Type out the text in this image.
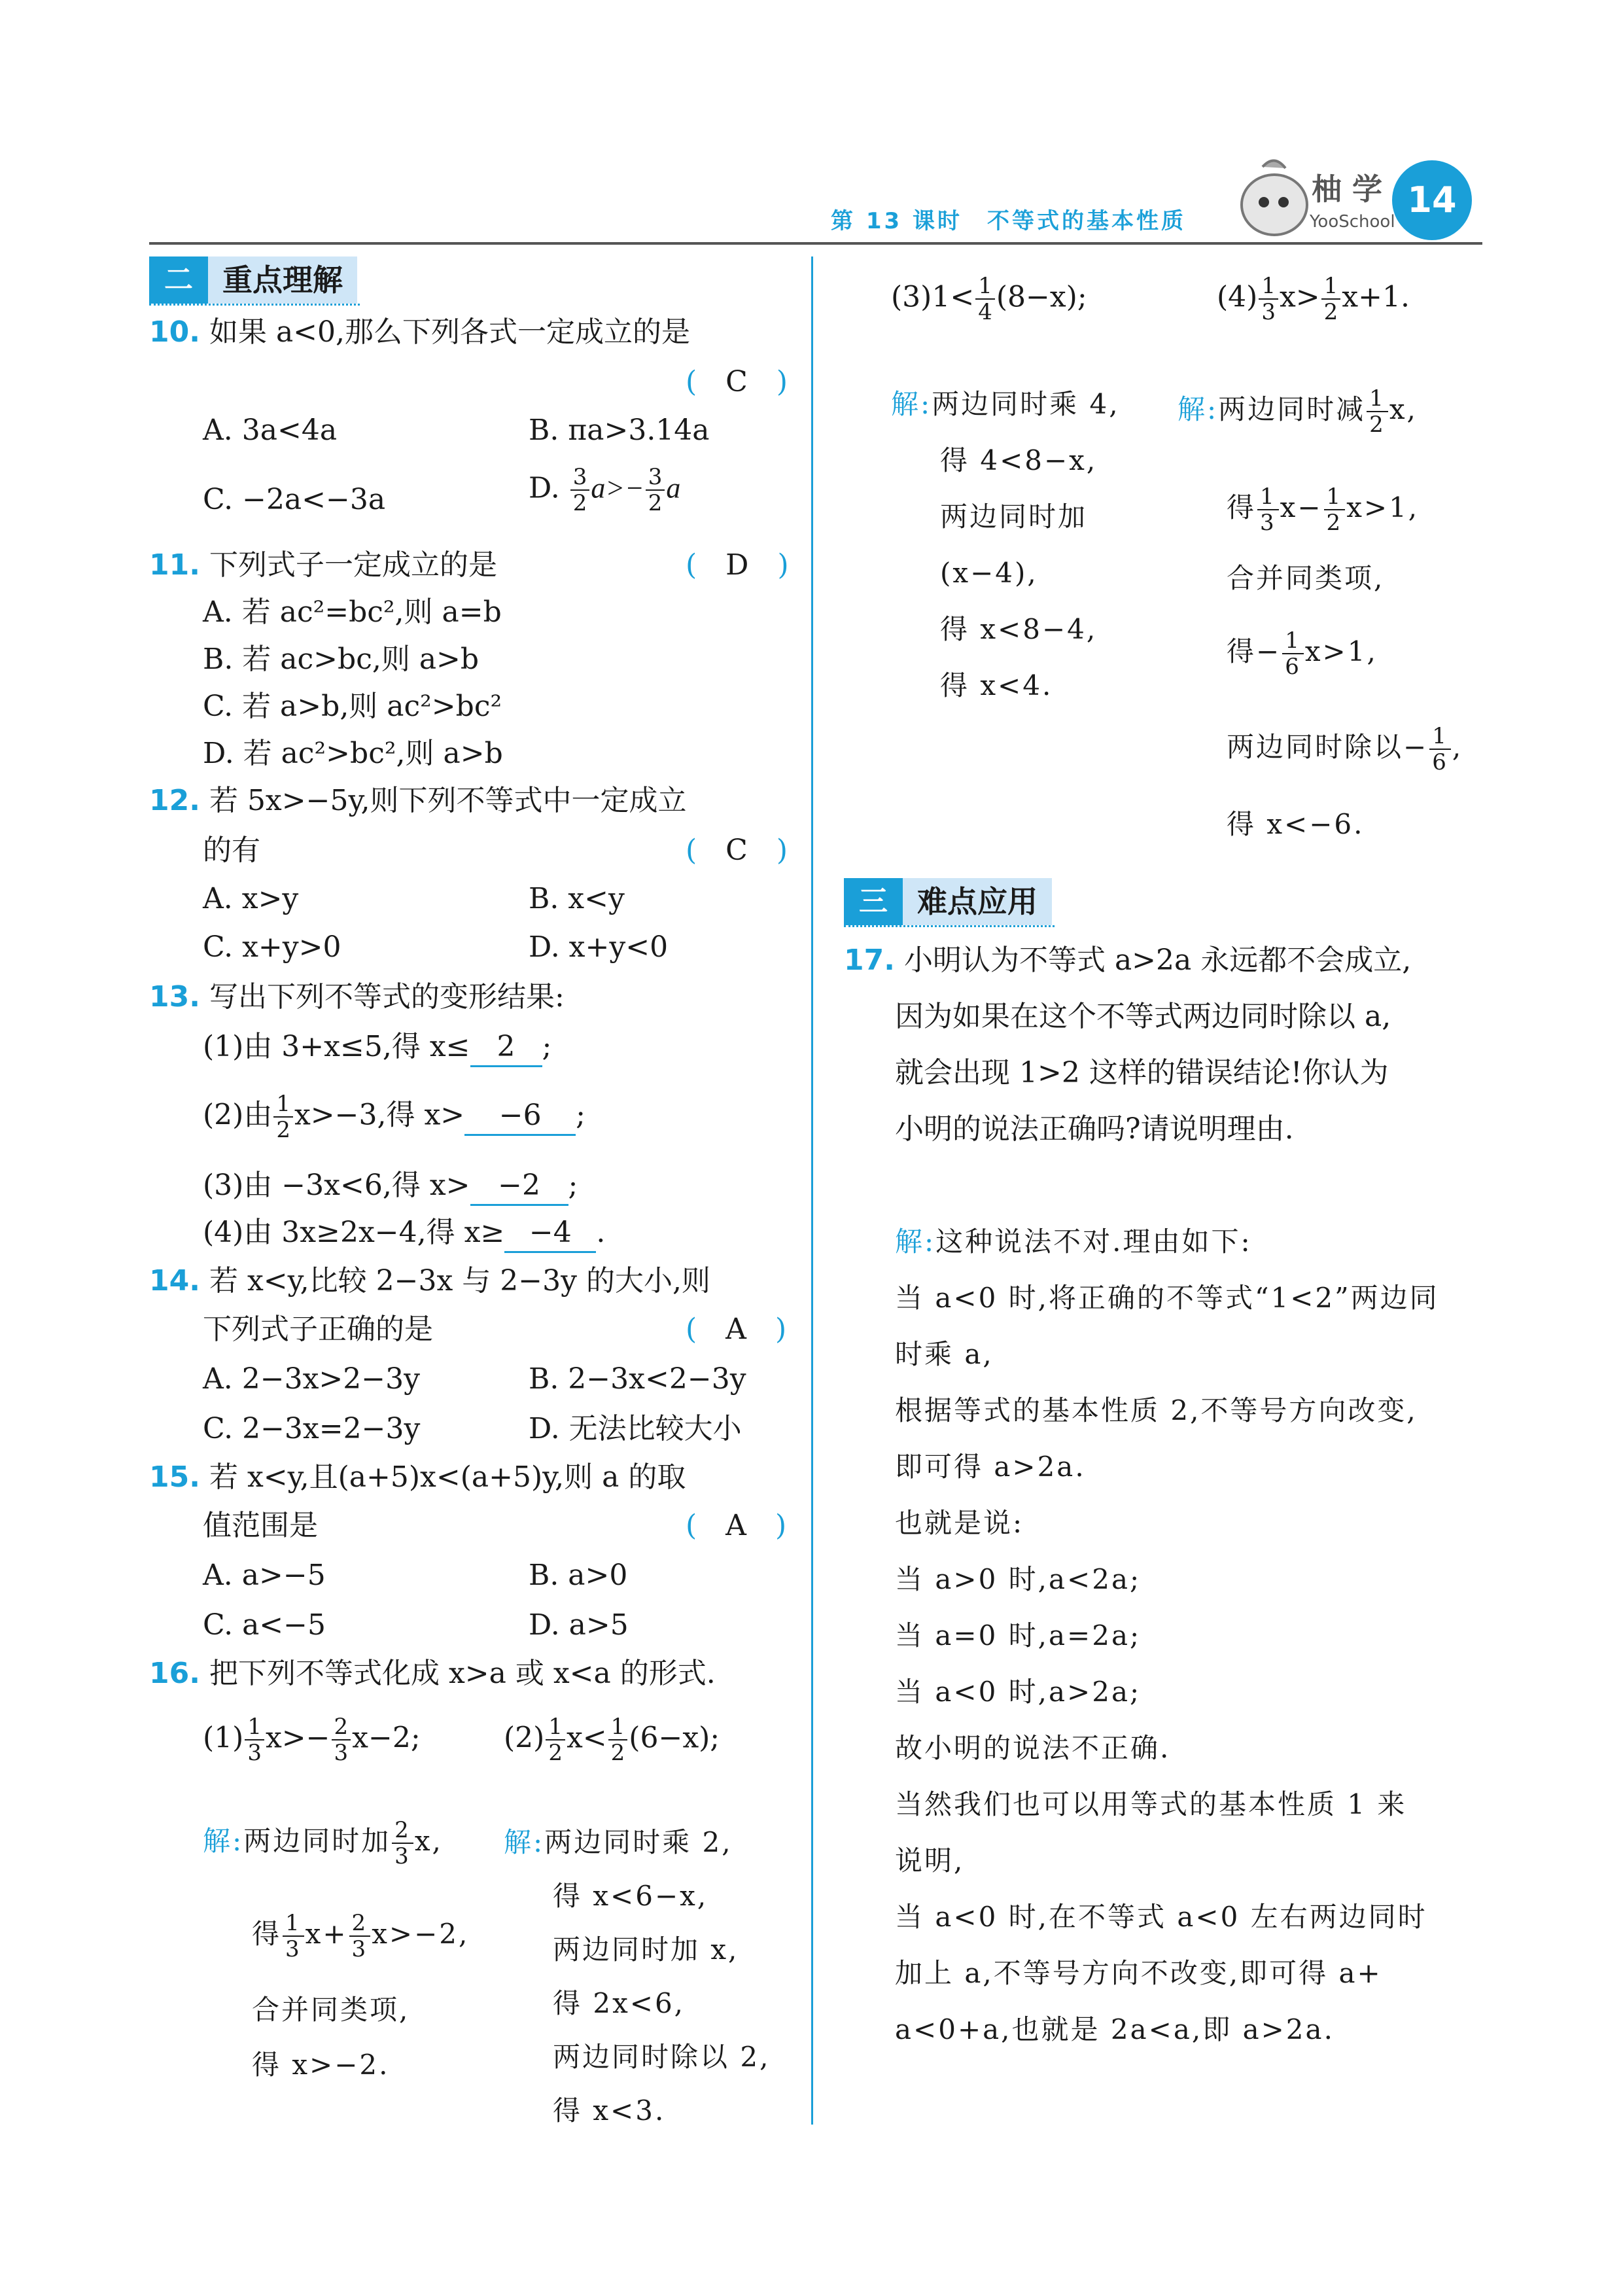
第 13 课时　不等式的基本性质
柚 学
YooSchool
14
二 重点理解
10. 如果 a<0,那么下列各式一定成立的是
(　C　)
A. 3a<4a	B. πa>3.14a
C. −2a<−3a	D. $\frac{3}{2} a>- \frac{3}{2}$ a
11. 下列式子一定成立的是	(　D　)
A. 若 ac²=bc²,则 a=b
B. 若 ac>bc,则 a>b
C. 若 a>b,则 ac²>bc²
D. 若 ac²>bc²,则 a>b
12. 若 5x>−5y,则下列不等式中一定成立
的有	(　C　)
A. x>y	B. x<y
C. x+y>0	D. x+y<0
13. 写出下列不等式的变形结果:
(1)由 3+x≤5,得 x≤ 2 ;
(2)由 $\frac{1}{2} x>-3$,得 x> −6 ;
(3)由 −3x<6,得 x> −2 ;
(4)由 3x≥2x−4,得 x≥ −4 .
14. 若 x<y,比较 2−3x 与 2−3y 的大小,则
下列式子正确的是	(　A　)
A. 2−3x>2−3y	B. 2−3x<2−3y
C. 2−3x=2−3y	D. 无法比较大小
15. 若 x<y,且(a+5)x<(a+5)y,则 a 的取
值范围是	(　A　)
A. a>−5	B. a>0
C. a<−5	D. a>5
16. 把下列不等式化成 x>a 或 x<a 的形式.
$(1) \frac{1}{3} x>- \frac{2}{3} x-2$;	$(2) \frac{1}{2} x< \frac{1}{2} (6-x)$;
解:两边同时加 $\frac{2}{3} x$,
得 $\frac{1}{3} x+ \frac{2}{3} x>-2$,
合并同类项,
得 x>−2.
解:两边同时乘 2,
得 x<6−x,
两边同时加 x,
得 2x<6,
两边同时除以 2,
得 x<3.
$(3)1< \frac{1}{4} (8-x)$;	$(4) \frac{1}{3} x> \frac{1}{2} x+1$.
解:两边同时乘 4,
得 4<8−x,
两边同时加
(x−4),
得 x<8−4,
得 x<4.
解:两边同时减 $\frac{1}{2} x$,
得 $\frac{1}{3} x- \frac{1}{2} x>1$,
合并同类项,
得− $\frac{1}{6} x>1$,
两边同时除以− $\frac{1}{6}$ ,
得 x<−6.
三 难点应用
17. 小明认为不等式 a>2a 永远都不会成立,
因为如果在这个不等式两边同时除以 a,
就会出现 1>2 这样的错误结论!你认为
小明的说法正确吗?请说明理由.
解:这种说法不对.理由如下:
当 a<0 时,将正确的不等式“1<2”两边同
时乘 a,
根据等式的基本性质 2,不等号方向改变,
即可得 a>2a.
也就是说:
当 a>0 时,a<2a;
当 a=0 时,a=2a;
当 a<0 时,a>2a;
故小明的说法不正确.
当然我们也可以用等式的基本性质 1 来
说明,
当 a<0 时,在不等式 a<0 左右两边同时
加上 a,不等号方向不改变,即可得 a+
a<0+a,也就是 2a<a,即 a>2a.
